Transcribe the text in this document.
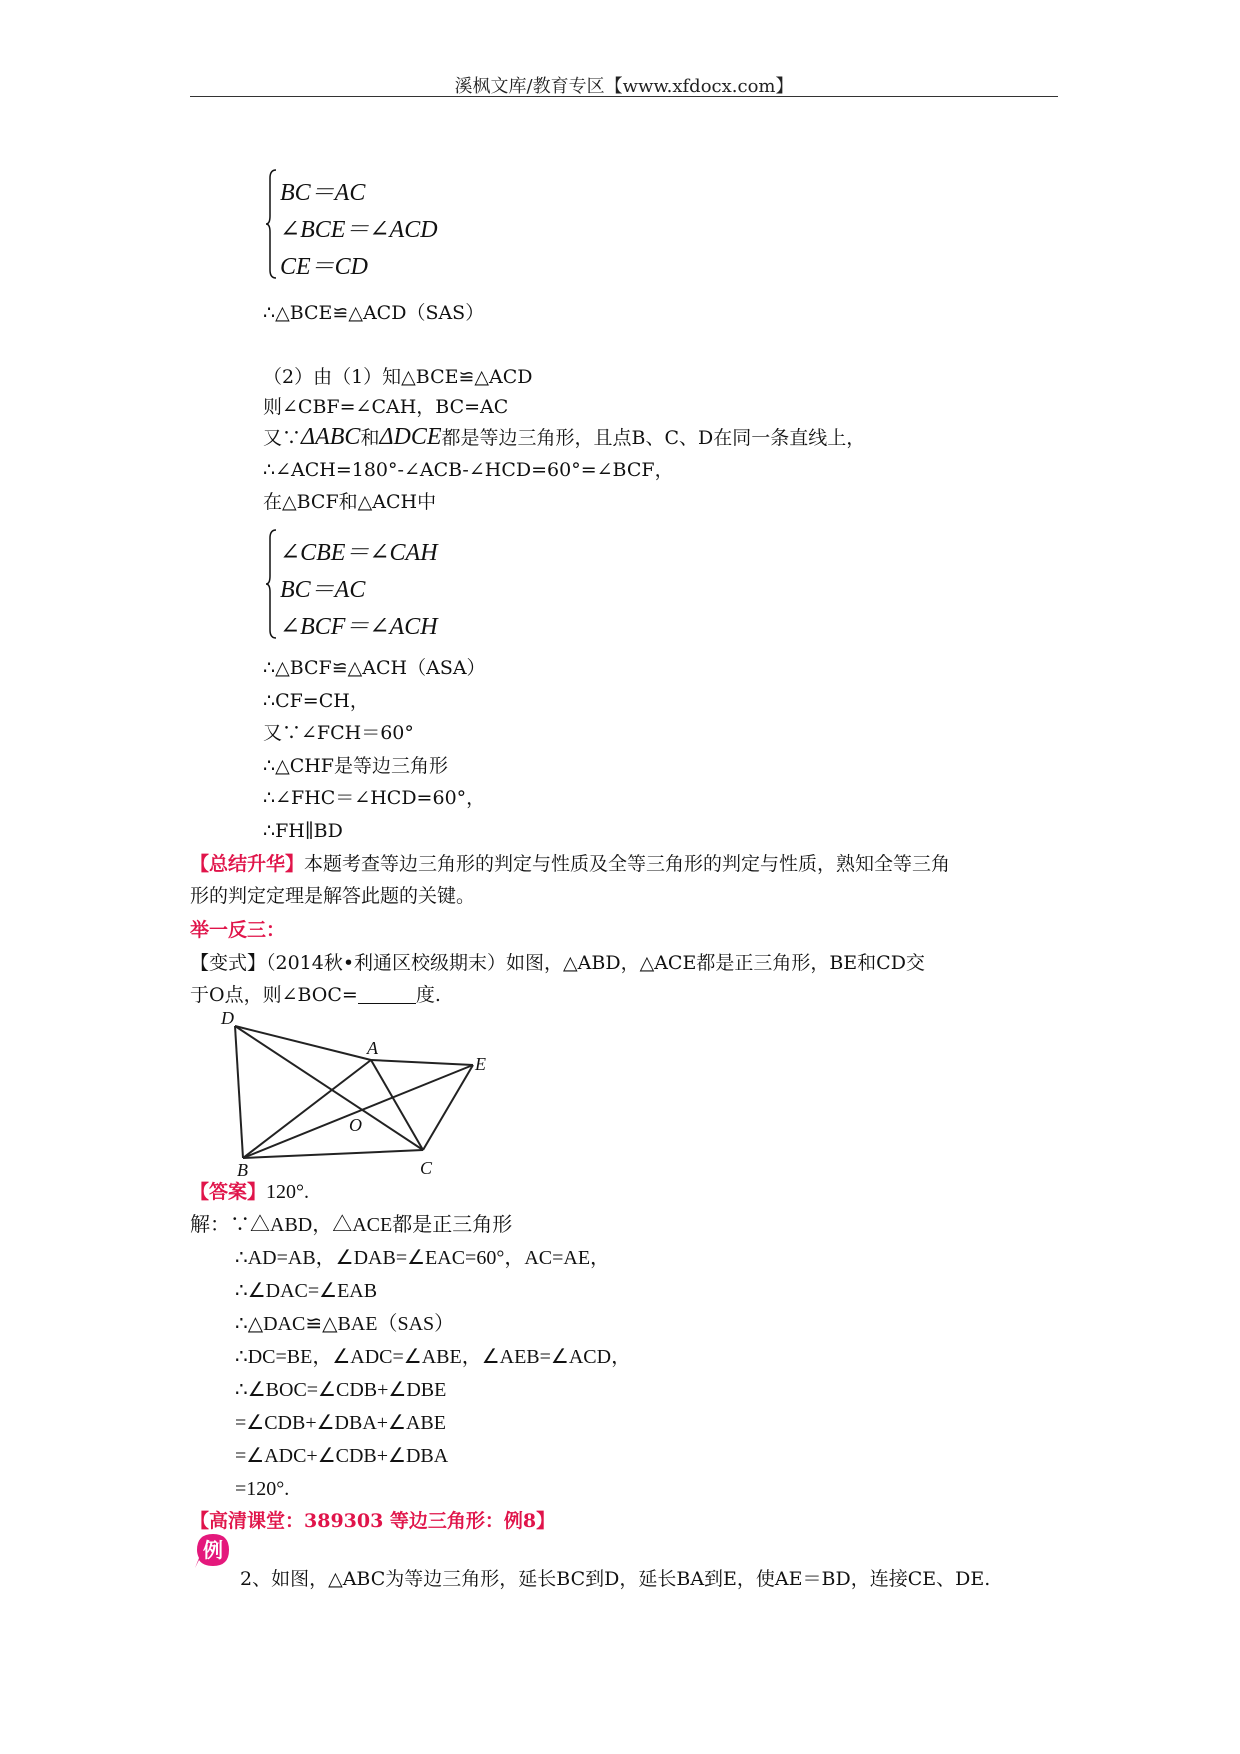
溪枫文库/教育专区【www.xfdocx.com】
BC＝AC
∠BCE＝∠ACD
CE＝CD
∴△BCE≌△ACD（SAS）
（2）由（1）知△BCE≌△ACD
则∠CBF=∠CAH，BC=AC
又∵ΔABC和ΔDCE都是等边三角形，且点B、C、D在同一条直线上，
∴∠ACH=180°-∠ACB-∠HCD=60°=∠BCF，
在△BCF和△ACH中
∠CBE＝∠CAH
BC＝AC
∠BCF＝∠ACH
∴△BCF≌△ACH（ASA）
∴CF=CH，
又∵∠FCH＝60°
∴△CHF是等边三角形
∴∠FHC＝∠HCD=60°，
∴FH∥BD
【总结升华】本题考查等边三角形的判定与性质及全等三角形的判定与性质，熟知全等三角
形的判定定理是解答此题的关键。
举一反三：
【变式】（2014秋•利通区校级期末）如图，△ABD，△ACE都是正三角形，BE和CD交
于O点，则∠BOC=	度.
D
A
E
O
B	C
【答案】120°.
解：∵△ABD，△ACE都是正三角形
∴AD=AB，∠DAB=∠EAC=60°，AC=AE，
∴∠DAC=∠EAB
∴△DAC≌△BAE（SAS）
∴DC=BE，∠ADC=∠ABE，∠AEB=∠ACD，
∴∠BOC=∠CDB+∠DBE
=∠CDB+∠DBA+∠ABE
=∠ADC+∠CDB+∠DBA
=120°.
【高清课堂：389303 等边三角形：例8】
例
2、如图，△ABC为等边三角形，延长BC到D，延长BA到E，使AE＝BD，连接CE、DE.
